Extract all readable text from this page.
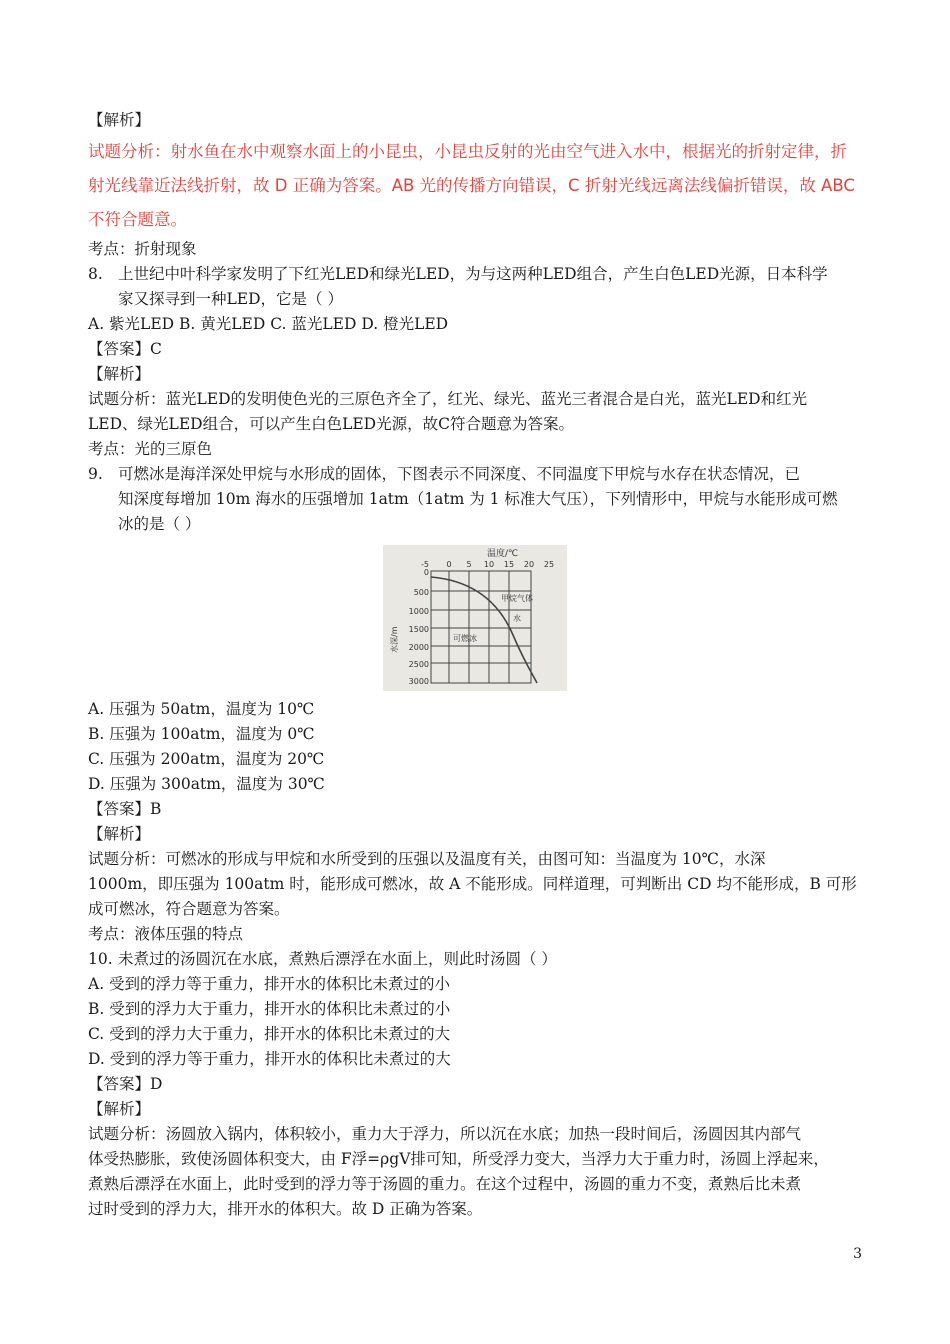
【解析】
试题分析：射水鱼在水中观察水面上的小昆虫，小昆虫反射的光由空气进入水中，根据光的折射定律，折
射光线靠近法线折射，故 D 正确为答案。AB 光的传播方向错误，C 折射光线远离法线偏折错误，故 ABC
不符合题意。
考点：折射现象
8. 上世纪中叶科学家发明了下红光LED和绿光LED，为与这两种LED组合，产生白色LED光源，日本科学
家又探寻到一种LED，它是（ ）
A. 紫光LED B. 黄光LED C. 蓝光LED D. 橙光LED
【答案】C
【解析】
试题分析：蓝光LED的发明使色光的三原色齐全了，红光、绿光、蓝光三者混合是白光，蓝光LED和红光
LED、绿光LED组合，可以产生白色LED光源，故C符合题意为答案。
考点：光的三原色
9. 可燃冰是海洋深处甲烷与水形成的固体，下图表示不同深度、不同温度下甲烷与水存在状态情况，已
知深度每增加 10m 海水的压强增加 1atm（1atm 为 1 标准大气压），下列情形中，甲烷与水能形成可燃
冰的是（ ）
温度/℃
-5 0 5 10 15 20 25
0
500
1000
1500
2000
2500
3000
水深/m
甲烷气体
水
可燃冰
A. 压强为 50atm，温度为 10℃
B. 压强为 100atm，温度为 0℃
C. 压强为 200atm，温度为 20℃
D. 压强为 300atm，温度为 30℃
【答案】B
【解析】
试题分析：可燃冰的形成与甲烷和水所受到的压强以及温度有关，由图可知：当温度为 10℃，水深
1000m，即压强为 100atm 时，能形成可燃冰，故 A 不能形成。同样道理，可判断出 CD 均不能形成，B 可形
成可燃冰，符合题意为答案。
考点：液体压强的特点
10. 未煮过的汤圆沉在水底，煮熟后漂浮在水面上，则此时汤圆（ ）
A. 受到的浮力等于重力，排开水的体积比未煮过的小
B. 受到的浮力大于重力，排开水的体积比未煮过的小
C. 受到的浮力大于重力，排开水的体积比未煮过的大
D. 受到的浮力等于重力，排开水的体积比未煮过的大
【答案】D
【解析】
试题分析：汤圆放入锅内，体积较小，重力大于浮力，所以沉在水底；加热一段时间后，汤圆因其内部气
体受热膨胀，致使汤圆体积变大，由 F浮=ρgV排可知，所受浮力变大，当浮力大于重力时，汤圆上浮起来，
煮熟后漂浮在水面上，此时受到的浮力等于汤圆的重力。在这个过程中，汤圆的重力不变，煮熟后比未煮
过时受到的浮力大，排开水的体积大。故 D 正确为答案。
3
